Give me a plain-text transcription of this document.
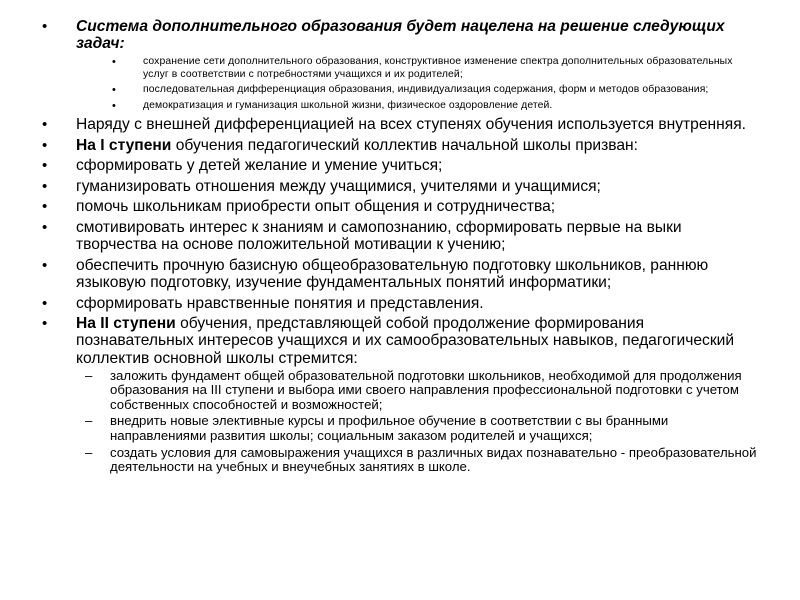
• Система дополнительного образования будет нацелена на решение следующих задач:
• сохранение сети дополнительного образования, конструктивное изменение спектра дополнительных образовательных услуг в соответствии с потребностями учащихся и их родителей;
• последовательная дифференциация образования, индивидуализация содержания, форм и методов образования;
• демократизация и гуманизация школьной жизни, физическое оздоровление детей.
• Наряду с внешней дифференциацией на всех ступенях обучения используется внутренняя.
• На I ступени обучения педагогический коллектив начальной школы призван:
• сформировать у детей желание и умение учиться;
• гуманизировать отношения между учащимися, учителями и учащимися;
• помочь школьникам приобрести опыт общения и сотрудничества;
• смотивировать интерес к знаниям и самопознанию, сформировать первые на выки творчества на основе положительной мотивации к учению;
• обеспечить прочную базисную общеобразовательную подготовку школьников, раннюю языковую подготовку, изучение фундаментальных понятий информатики;
• сформировать нравственные понятия и представления.
• На II ступени обучения, представляющей собой продолжение формирования познавательных интересов учащихся и их самообразовательных навыков, педагогический коллектив основной школы стремится:
– заложить фундамент общей образовательной подготовки школьников, необходимой для продолжения образования на III ступени и выбора ими своего направления профессиональной подготовки с учетом собственных способностей и возможностей;
– внедрить новые элективные курсы и профильное обучение в соответствии с вы бранными направлениями развития школы; социальным заказом родителей и учащихся;
– создать условия для самовыражения учащихся в различных видах познавательно - преобразовательной деятельности на учебных и внеучебных занятиях в школе.
